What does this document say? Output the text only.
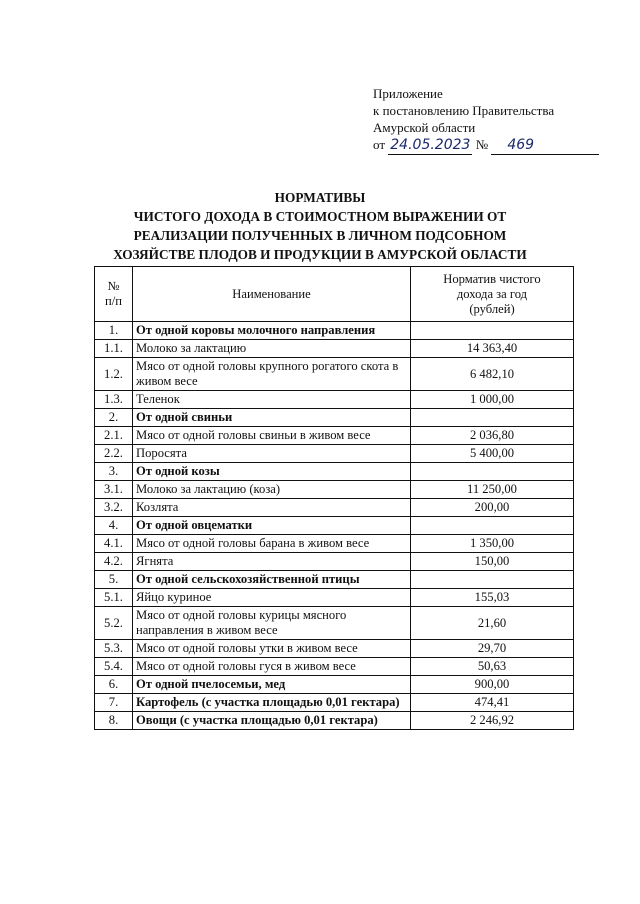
Приложение
к постановлению Правительства
Амурской области
от 24.05.2023 № 469
НОРМАТИВЫ
ЧИСТОГО ДОХОДА В СТОИМОСТНОМ ВЫРАЖЕНИИ ОТ
РЕАЛИЗАЦИИ ПОЛУЧЕННЫХ В ЛИЧНОМ ПОДСОБНОМ
ХОЗЯЙСТВЕ ПЛОДОВ И ПРОДУКЦИИ В АМУРСКОЙ ОБЛАСТИ
№
п/п	Наименование	Норматив чистого
дохода за год
(рублей)
1.	От одной коровы молочного направления	
1.1.	Молоко за лактацию	14 363,40
1.2.	Мясо от одной головы крупного рогатого скота в живом весе	6 482,10
1.3.	Теленок	1 000,00
2.	От одной свиньи	
2.1.	Мясо от одной головы свиньи в живом весе	2 036,80
2.2.	Поросята	5 400,00
3.	От одной козы	
3.1.	Молоко за лактацию (коза)	11 250,00
3.2.	Козлята	200,00
4.	От одной овцематки	
4.1.	Мясо от одной головы барана в живом весе	1 350,00
4.2.	Ягнята	150,00
5.	От одной сельскохозяйственной птицы	
5.1.	Яйцо куриное	155,03
5.2.	Мясо от одной головы курицы мясного направления в живом весе	21,60
5.3.	Мясо от одной головы утки в живом весе	29,70
5.4.	Мясо от одной головы гуся в живом весе	50,63
6.	От одной пчелосемьи, мед	900,00
7.	Картофель (с участка площадью 0,01 гектара)	474,41
8.	Овощи (с участка площадью 0,01 гектара)	2 246,92
